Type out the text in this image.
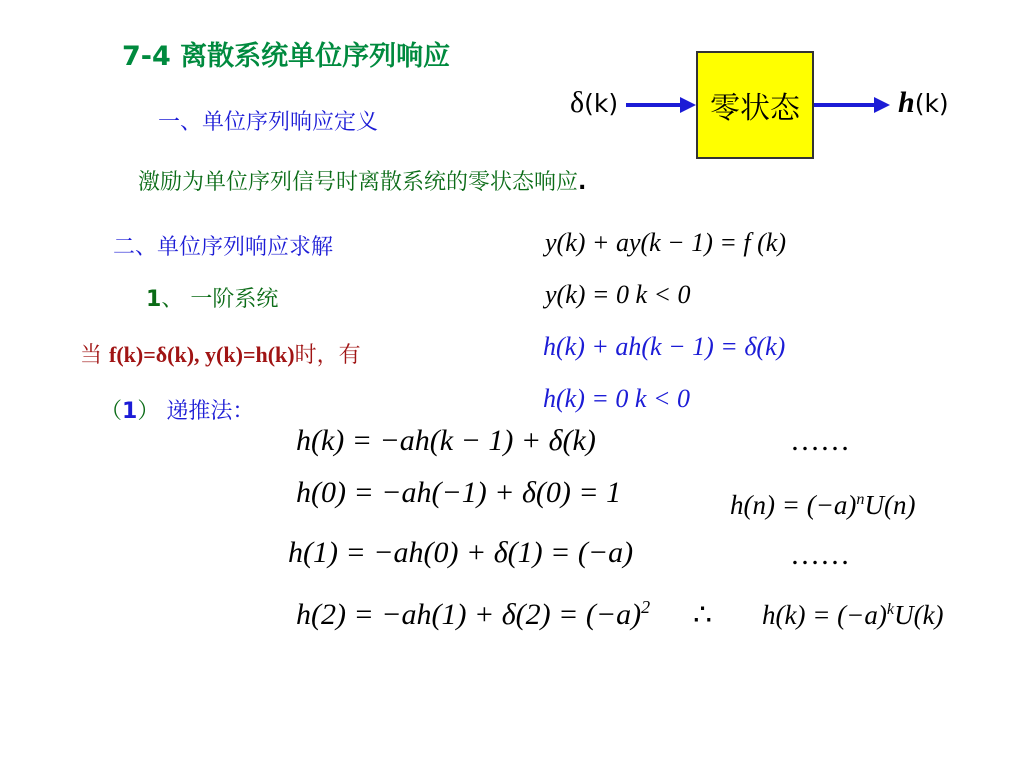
7-4 离散系统单位序列响应
一、单位序列响应定义
激励为单位序列信号时离散系统的零状态响应.
δ(k)	零状态	h(k)
二、单位序列响应求解
1、 一阶系统
当 f(k)=δ(k), y(k)=h(k)时，有
（1） 递推法：
y(k) + ay(k − 1) = f (k)
y(k) = 0 k < 0
h(k) + ah(k − 1) = δ(k)
h(k) = 0 k < 0
h(k) = −ah(k − 1) + δ(k)
h(0) = −ah(−1) + δ(0) = 1
h(1) = −ah(0) + δ(1) = (−a)
$h(2) = -ah(1) + \delta(2) = (-a)^2$
……
$h(n) = (-a)^nU(n)$
……
∴ $h(k) = (-a)^kU(k)$
